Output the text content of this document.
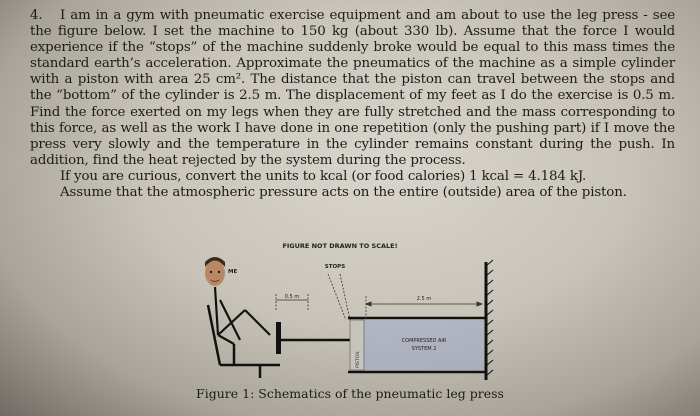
4. I am in a gym with pneumatic exercise equipment and am about to use the leg press - see the figure below. I set the machine to 150 kg (about 330 lb). Assume that the force I would experience if the “stops” of the machine suddenly broke would be equal to this mass times the standard earth’s acceleration. Approximate the pneumatics of the machine as a simple cylinder with a piston with area 25 cm². The distance that the piston can travel between the stops and the “bottom” of the cylinder is 2.5 m. The displacement of my feet as I do the exercise is 0.5 m. Find the force exerted on my legs when they are fully stretched and the mass corresponding to this force, as well as the work I have done in one repetition (only the pushing part) if I move the press very slowly and the temperature in the cylinder remains constant during the push. In addition, find the heat rejected by the system during the process.

If you are curious, convert the units to kcal (or food calories) 1 kcal = 4.184 kJ.

Assume that the atmospheric pressure acts on the entire (outside) area of the piston.

FIGURE NOT DRAWN TO SCALE!
STOPS
ME
0.5 m
PISTON
2.5 m
COMPRESSED AIR
SYSTEM 2
Figure 1: Schematics of the pneumatic leg press
